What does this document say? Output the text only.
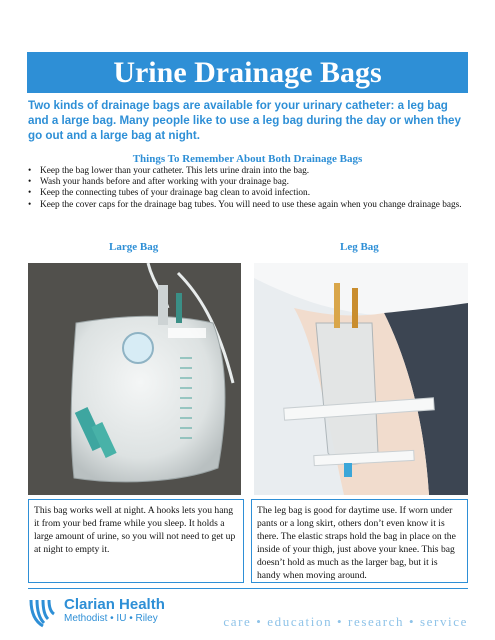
Urine Drainage Bags
Two kinds of drainage bags are available for your urinary catheter: a leg bag and a large bag. Many people like to use a leg bag during the day or when they go out and a large bag at night.
Things To Remember About Both Drainage Bags
• Keep the bag lower than your catheter. This lets urine drain into the bag.
• Wash your hands before and after working with your drainage bag.
• Keep the connecting tubes of your drainage bag clean to avoid infection.
• Keep the cover caps for the drainage bag tubes. You will need to use these again when you change drainage bags.
Large Bag	Leg Bag
This bag works well at night. A hooks lets you hang it from your bed frame while you sleep. It holds a large amount of urine, so you will not need to get up at night to empty it.
The leg bag is good for daytime use. If worn under pants or a long skirt, others don’t even know it is there. The elastic straps hold the bag in place on the inside of your thigh, just above your knee. This bag doesn’t hold as much as the larger bag, but it is handy when moving around.
Clarian Health
Methodist • IU • Riley	care • education • research • service
